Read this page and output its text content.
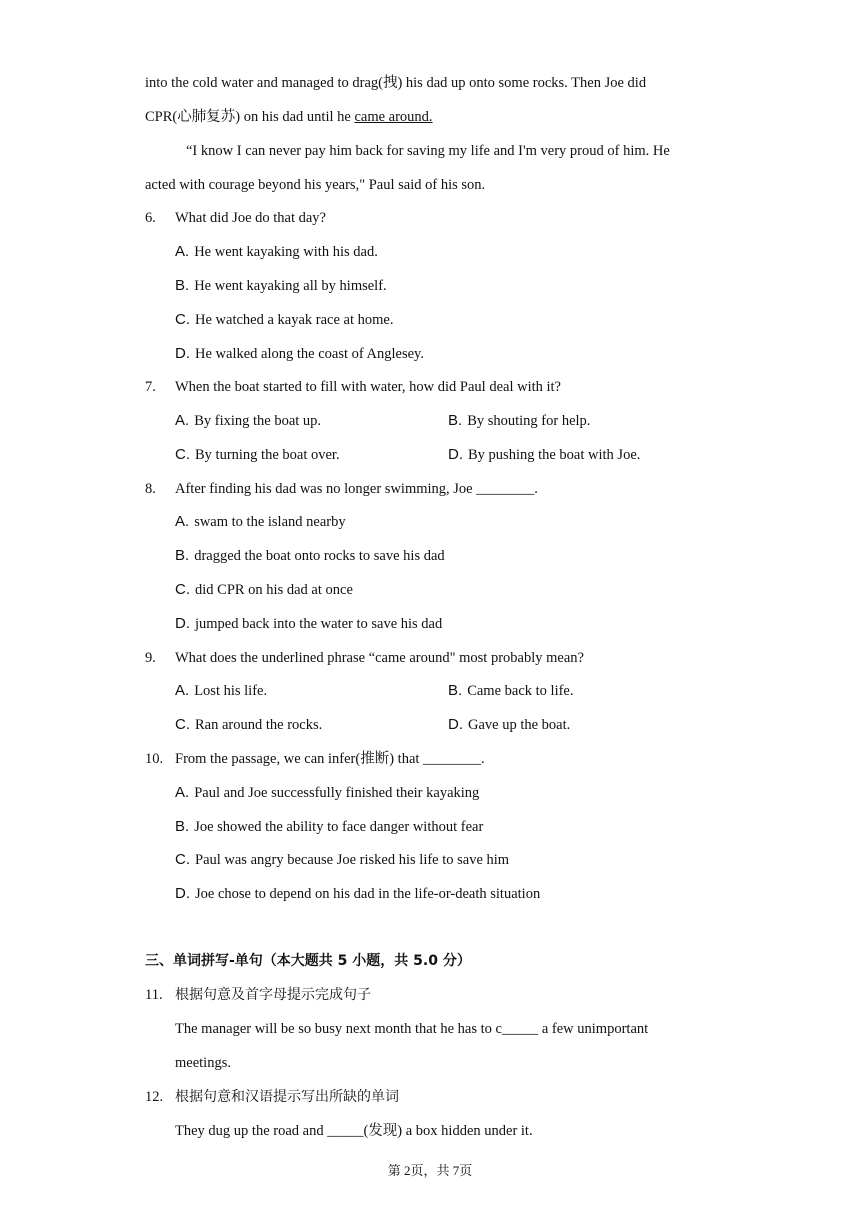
into the cold water and managed to drag(拽) his dad up onto some rocks. Then Joe did
CPR(心肺复苏) on his dad until he came around.
“I know I can never pay him back for saving my life and I'm very proud of him. He
acted with courage beyond his years," Paul said of his son.
6. What did Joe do that day?
A. He went kayaking with his dad.
B. He went kayaking all by himself.
C. He watched a kayak race at home.
D. He walked along the coast of Anglesey.
7. When the boat started to fill with water, how did Paul deal with it?
A. By fixing the boat up.	B. By shouting for help.
C. By turning the boat over.	D. By pushing the boat with Joe.
8. After finding his dad was no longer swimming, Joe ________.
A. swam to the island nearby
B. dragged the boat onto rocks to save his dad
C. did CPR on his dad at once
D. jumped back into the water to save his dad
9. What does the underlined phrase “came around" most probably mean?
A. Lost his life.	B. Came back to life.
C. Ran around the rocks.	D. Gave up the boat.
10. From the passage, we can infer(推断) that ________.
A. Paul and Joe successfully finished their kayaking
B. Joe showed the ability to face danger without fear
C. Paul was angry because Joe risked his life to save him
D. Joe chose to depend on his dad in the life-or-death situation
三、单词拼写-单句（本大题共 5 小题，共 5.0 分）
11. 根据句意及首字母提示完成句子
The manager will be so busy next month that he has to c_____ a few unimportant
meetings.
12. 根据句意和汉语提示写出所缺的单词
They dug up the road and _____(发现) a box hidden under it.
第 2页，共 7页
